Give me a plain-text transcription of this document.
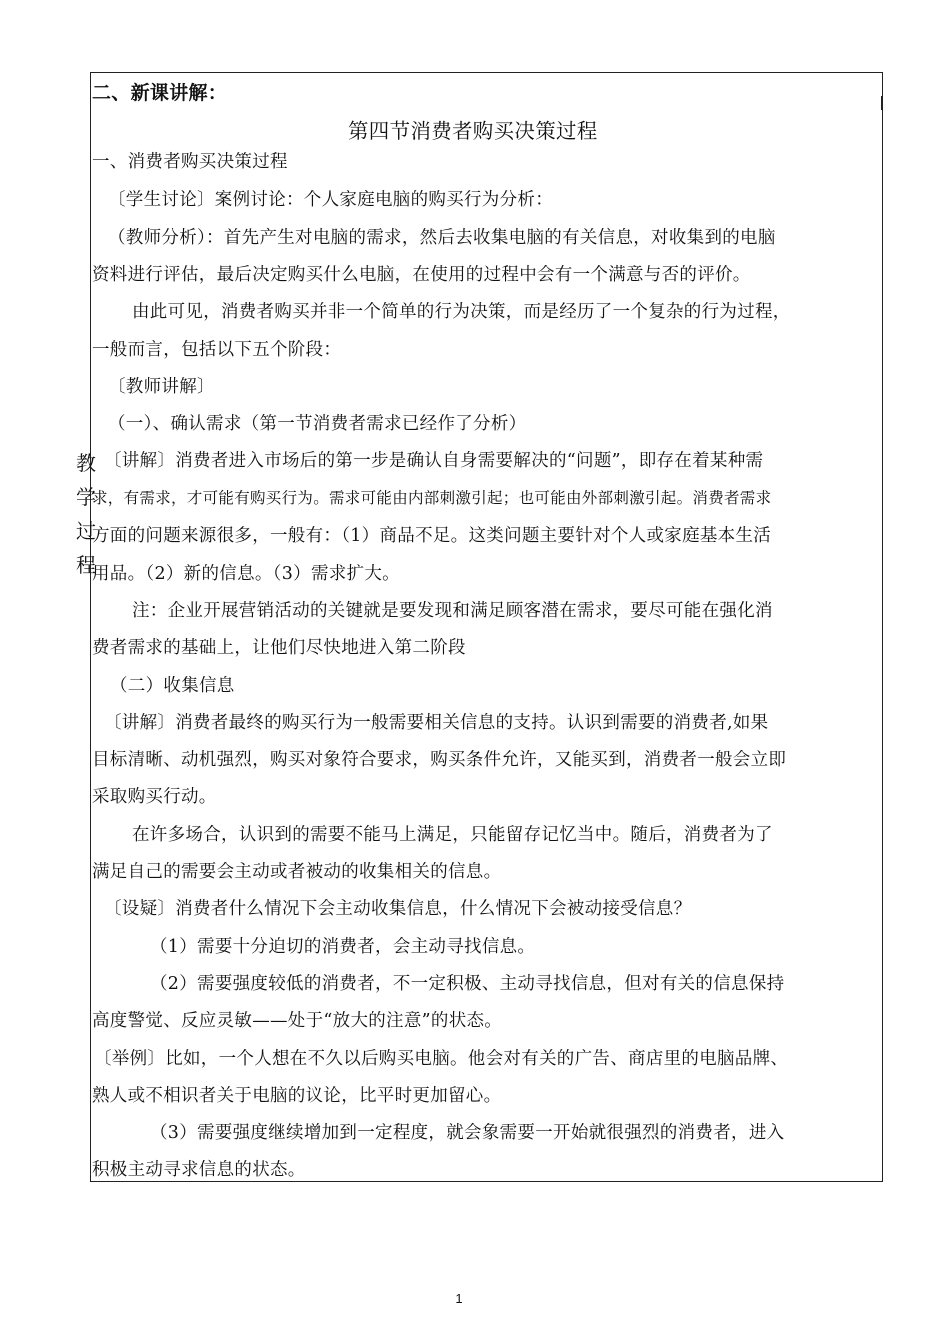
教
学
过
程
二、新课讲解：
第四节消费者购买决策过程
一、消费者购买决策过程
〔学生讨论〕案例讨论：个人家庭电脑的购买行为分析：
（教师分析）：首先产生对电脑的需求，然后去收集电脑的有关信息，对收集到的电脑
资料进行评估，最后决定购买什么电脑，在使用的过程中会有一个满意与否的评价。
由此可见，消费者购买并非一个简单的行为决策，而是经历了一个复杂的行为过程，
一般而言，包括以下五个阶段：
〔教师讲解〕
（一）、确认需求（第一节消费者需求已经作了分析）
〔讲解〕消费者进入市场后的第一步是确认自身需要解决的“问题”，即存在着某种需
求，有需求，才可能有购买行为。需求可能由内部刺激引起；也可能由外部刺激引起。消费者需求
方面的问题来源很多，一般有：（1）商品不足。这类问题主要针对个人或家庭基本生活
用品。（2）新的信息。（3）需求扩大。
注：企业开展营销活动的关键就是要发现和满足顾客潜在需求，要尽可能在强化消
费者需求的基础上，让他们尽快地进入第二阶段
（二）收集信息
〔讲解〕消费者最终的购买行为一般需要相关信息的支持。认识到需要的消费者,如果
目标清晰、动机强烈，购买对象符合要求，购买条件允许，又能买到，消费者一般会立即
采取购买行动。
在许多场合，认识到的需要不能马上满足，只能留存记忆当中。随后，消费者为了
满足自己的需要会主动或者被动的收集相关的信息。
〔设疑〕消费者什么情况下会主动收集信息，什么情况下会被动接受信息？
（1）需要十分迫切的消费者，会主动寻找信息。
（2）需要强度较低的消费者，不一定积极、主动寻找信息，但对有关的信息保持
高度警觉、反应灵敏——处于“放大的注意”的状态。
〔举例〕比如，一个人想在不久以后购买电脑。他会对有关的广告、商店里的电脑品牌、
熟人或不相识者关于电脑的议论，比平时更加留心。
（3）需要强度继续增加到一定程度，就会象需要一开始就很强烈的消费者，进入
积极主动寻求信息的状态。
1
